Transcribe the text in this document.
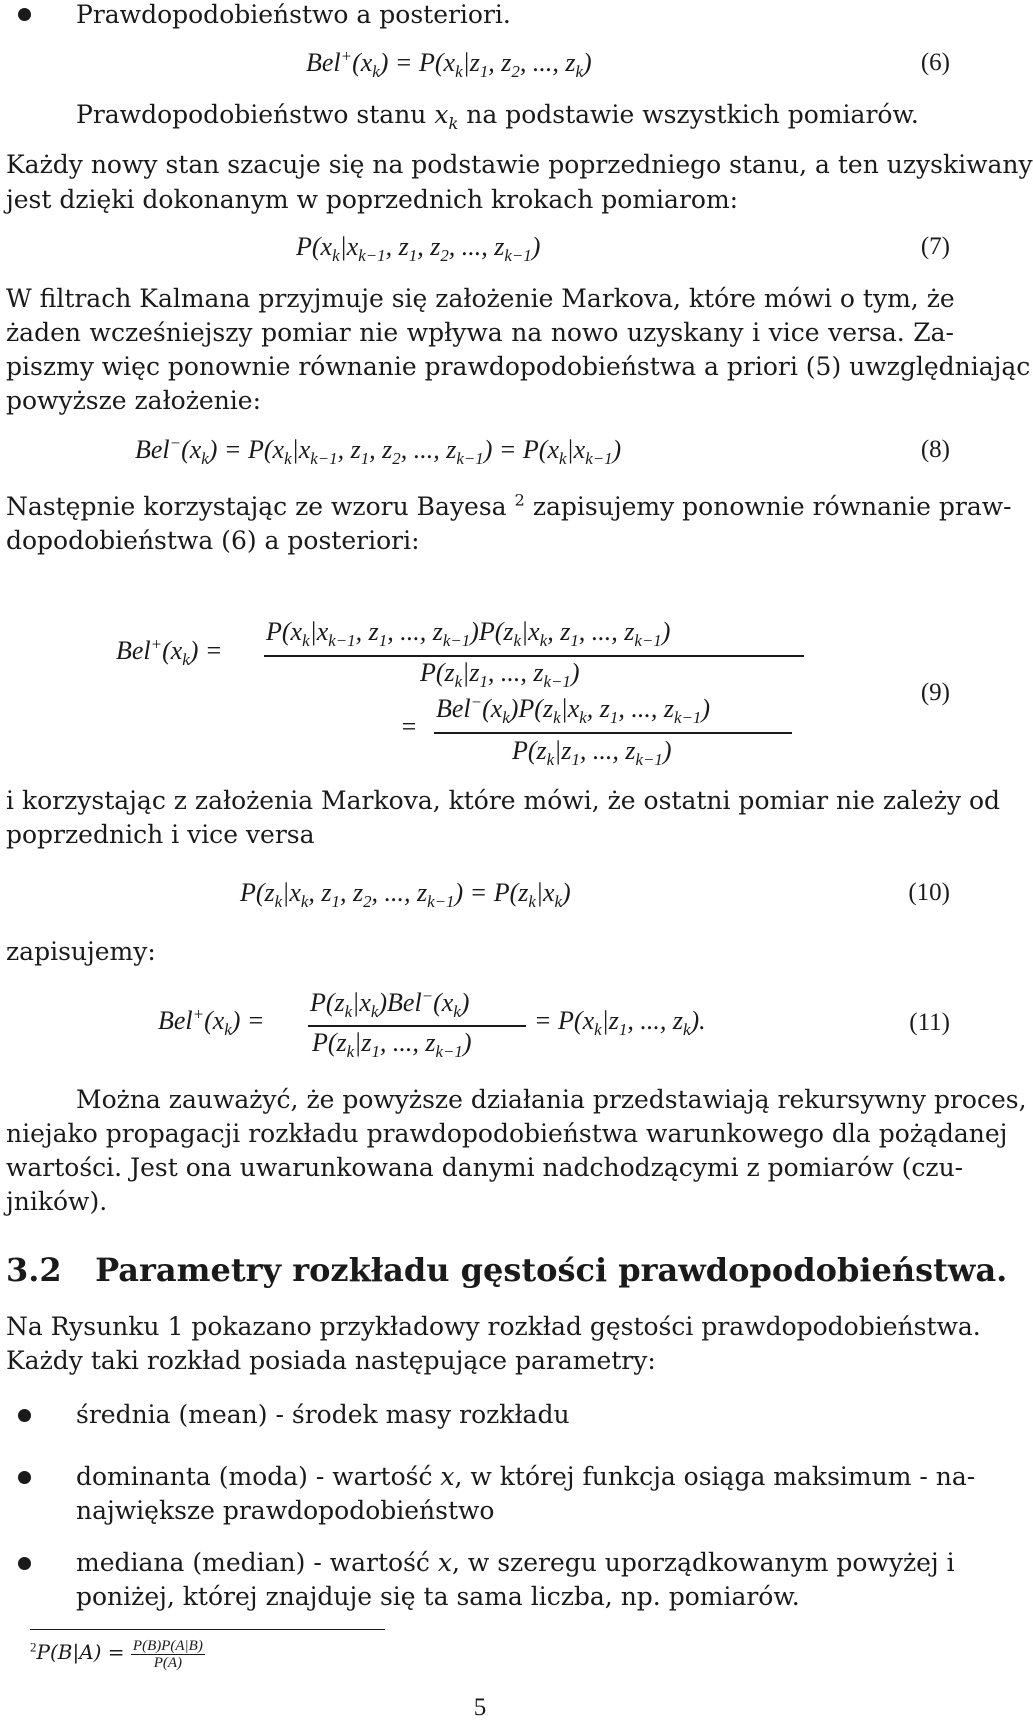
Prawdopodobieństwo a posteriori.
$Bel^+(x_k) = P(x_k|z_1$, $z_2$, ..., $z_k$)	(6)
Prawdopodobieństwo stanu $x_k$ na podstawie wszystkich pomiarów.
Każdy nowy stan szacuje się na podstawie poprzedniego stanu, a ten uzyskiwany
jest dzięki dokonanym w poprzednich krokach pomiarom:
$P(x_k|x_{k-1}$, $z_1$, $z_2$, ..., $z_{k-1}$)	(7)
W filtrach Kalmana przyjmuje się założenie Markova, które mówi o tym, że
żaden wcześniejszy pomiar nie wpływa na nowo uzyskany i vice versa. Za-
piszmy więc ponownie równanie prawdopodobieństwa a priori (5) uwzględniając
powyższe założenie:
$Bel^-(x_k) = P(x_k|x_{k-1}$, $z_1$, $z_2$, ..., $z_{k-1}) = P(x_k|x_{k-1})$	(8)
Następnie korzystając ze wzoru Bayesa $^2$ zapisujemy ponownie równanie praw-
dopodobieństwa (6) a posteriori:
$Bel^+(x_k)$ =
$P(x_k|x_{k-1}$, $z_1$, ..., $z_{k-1})P(z_k|x_k$, $z_1$, ..., $z_{k-1}$)
$P(z_k|z_1$, ..., $z_{k-1}$)
=
$Bel^-(x_k)P(z_k|x_k$, $z_1$, ..., $z_{k-1}$)
$P(z_k|z_1$, ..., $z_{k-1}$)
(9)
i korzystając z założenia Markova, które mówi, że ostatni pomiar nie zależy od
poprzednich i vice versa
$P(z_k|x_k$, $z_1$, $z_2$, ..., $z_{k-1}) = P(z_k|x_k)$	(10)
zapisujemy:
$Bel^+(x_k)$ =
$P(z_k|x_k)Bel^-(x_k)$
$P(z_k|z_1$, ..., $z_{k-1}$)
= $P(x_k|z_1$, ..., $z_k$).	(11)
Można zauważyć, że powyższe działania przedstawiają rekursywny proces,
niejako propagacji rozkładu prawdopodobieństwa warunkowego dla pożądanej
wartości. Jest ona uwarunkowana danymi nadchodzącymi z pomiarów (czu-
jników).
3.2 Parametry rozkładu gęstości prawdopodobieństwa.
Na Rysunku 1 pokazano przykładowy rozkład gęstości prawdopodobieństwa.
Każdy taki rozkład posiada następujące parametry:
średnia (mean) - środek masy rozkładu
dominanta (moda) - wartość x, w której funkcja osiąga maksimum - na-
największe prawdopodobieństwo
mediana (median) - wartość x, w szeregu uporządkowanym powyżej i
poniżej, której znajduje się ta sama liczba, np. pomiarów.
$^2P(B|A) = \frac{P(B)P(A|B)}{P(A)}$
5
